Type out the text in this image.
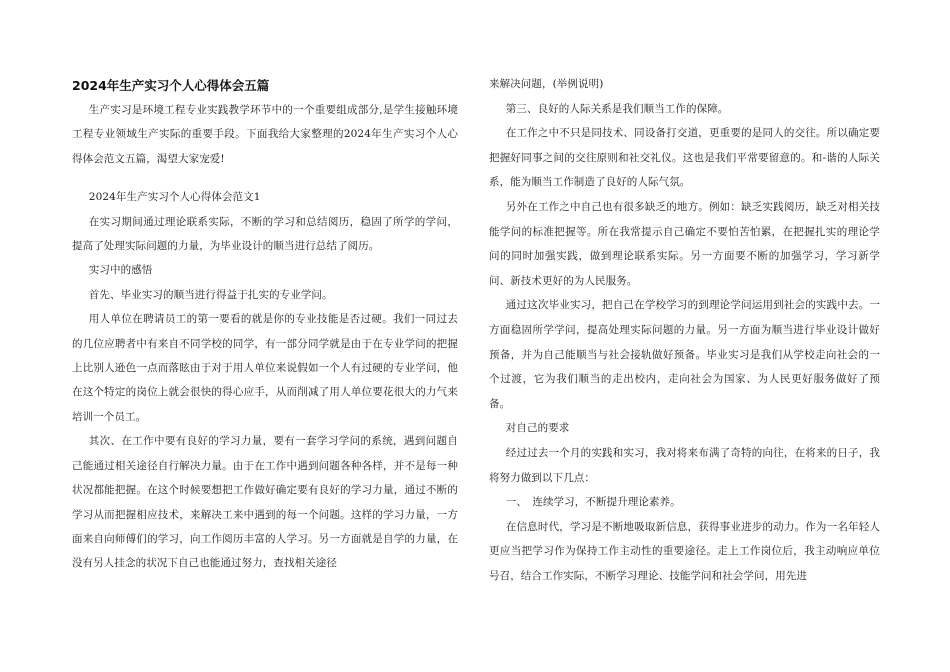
2024年生产实习个人心得体会五篇

生产实习是环境工程专业实践教学环节中的一个重要组成部分,是学生接触环境工程专业领域生产实际的重要手段。下面我给大家整理的2024年生产实习个人心得体会范文五篇，渴望大家宠爱!

2024年生产实习个人心得体会范文1

在实习期间通过理论联系实际，不断的学习和总结阅历，稳固了所学的学问，提高了处理实际问题的力量，为毕业设计的顺当进行总结了阅历。

实习中的感悟

首先、毕业实习的顺当进行得益于扎实的专业学问。

用人单位在聘请员工的第一要看的就是你的专业技能是否过硬。我们一同过去的几位应聘者中有来自不同学校的同学，有一部分同学就是由于在专业学问的把握上比别人逊色一点而落眩由于对于用人单位来说假如一个人有过硬的专业学问，他在这个特定的岗位上就会很快的得心应手，从而削减了用人单位要花很大的力气来培训一个员工。

其次、在工作中要有良好的学习力量，要有一套学习学问的系统，遇到问题自己能通过相关途径自行解决力量。由于在工作中遇到问题各种各样，并不是每一种状况都能把握。在这个时候要想把工作做好确定要有良好的学习力量，通过不断的学习从而把握相应技术，来解决工来中遇到的每一个问题。这样的学习力量，一方面来自向师傅们的学习，向工作阅历丰富的人学习。另一方面就是自学的力量，在没有另人挂念的状况下自己也能通过努力，查找相关途径

来解决问题，(举例说明)

第三、良好的人际关系是我们顺当工作的保障。

在工作之中不只是同技术、同设备打交道，更重要的是同人的交往。所以确定要把握好同事之间的交往原则和社交礼仪。这也是我们平常要留意的。和-谐的人际关系，能为顺当工作制造了良好的人际气氛。

另外在工作之中自己也有很多缺乏的地方。例如：缺乏实践阅历，缺乏对相关技能学问的标准把握等。所在我常提示自己确定不要怕苦怕累，在把握扎实的理论学问的同时加强实践，做到理论联系实际。另一方面要不断的加强学习，学习新学问、新技术更好的为人民服务。

通过这次毕业实习，把自己在学校学习的到理论学问运用到社会的实践中去。一方面稳固所学学问，提高处理实际问题的力量。另一方面为顺当进行毕业设计做好预备，并为自己能顺当与社会接轨做好预备。毕业实习是我们从学校走向社会的一个过渡，它为我们顺当的走出校内，走向社会为国家、为人民更好服务做好了预备。

对自己的要求

经过过去一个月的实践和实习，我对将来布满了奇特的向往，在将来的日子，我将努力做到以下几点：

一、　连续学习，不断提升理论素养。

在信息时代，学习是不断地吸取新信息，获得事业进步的动力。作为一名年轻人更应当把学习作为保持工作主动性的重要途径。走上工作岗位后，我主动响应单位号召，结合工作实际，不断学习理论、技能学问和社会学问，用先进
